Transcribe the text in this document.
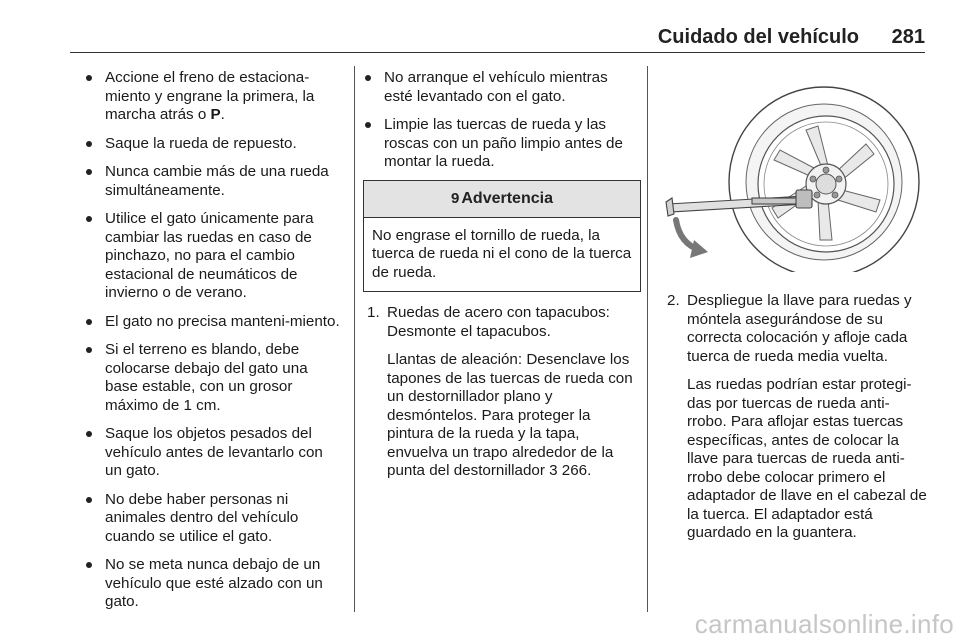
Cuidado del vehículo 281
Accione el freno de estaciona-miento y engrane la primera, la marcha atrás o P.
Saque la rueda de repuesto.
Nunca cambie más de una rueda simultáneamente.
Utilice el gato únicamente para cambiar las ruedas en caso de pinchazo, no para el cambio estacional de neumáticos de invierno o de verano.
El gato no precisa manteni-miento.
Si el terreno es blando, debe colocarse debajo del gato una base estable, con un grosor máximo de 1 cm.
Saque los objetos pesados del vehículo antes de levantarlo con un gato.
No debe haber personas ni animales dentro del vehículo cuando se utilice el gato.
No se meta nunca debajo de un vehículo que esté alzado con un gato.
No arranque el vehículo mientras esté levantado con el gato.
Limpie las tuercas de rueda y las roscas con un paño limpio antes de montar la rueda.
9 Advertencia
No engrase el tornillo de rueda, la tuerca de rueda ni el cono de la tuerca de rueda.
1. Ruedas de acero con tapacubos: Desmonte el tapacubos.

Llantas de aleación: Desenclave los tapones de las tuercas de rueda con un destornillador plano y desmóntelos. Para proteger la pintura de la rueda y la tapa, envuelva un trapo alrededor de la punta del destornillador 3 266.

2. Despliegue la llave para ruedas y móntela asegurándose de su correcta colocación y afloje cada tuerca de rueda media vuelta.

Las ruedas podrían estar protegi-das por tuercas de rueda anti-rrobo. Para aflojar estas tuercas específicas, antes de colocar la llave para tuercas de rueda anti-rrobo debe colocar primero el adaptador de llave en el cabezal de la tuerca. El adaptador está guardado en la guantera.

carmanualsonline.info
